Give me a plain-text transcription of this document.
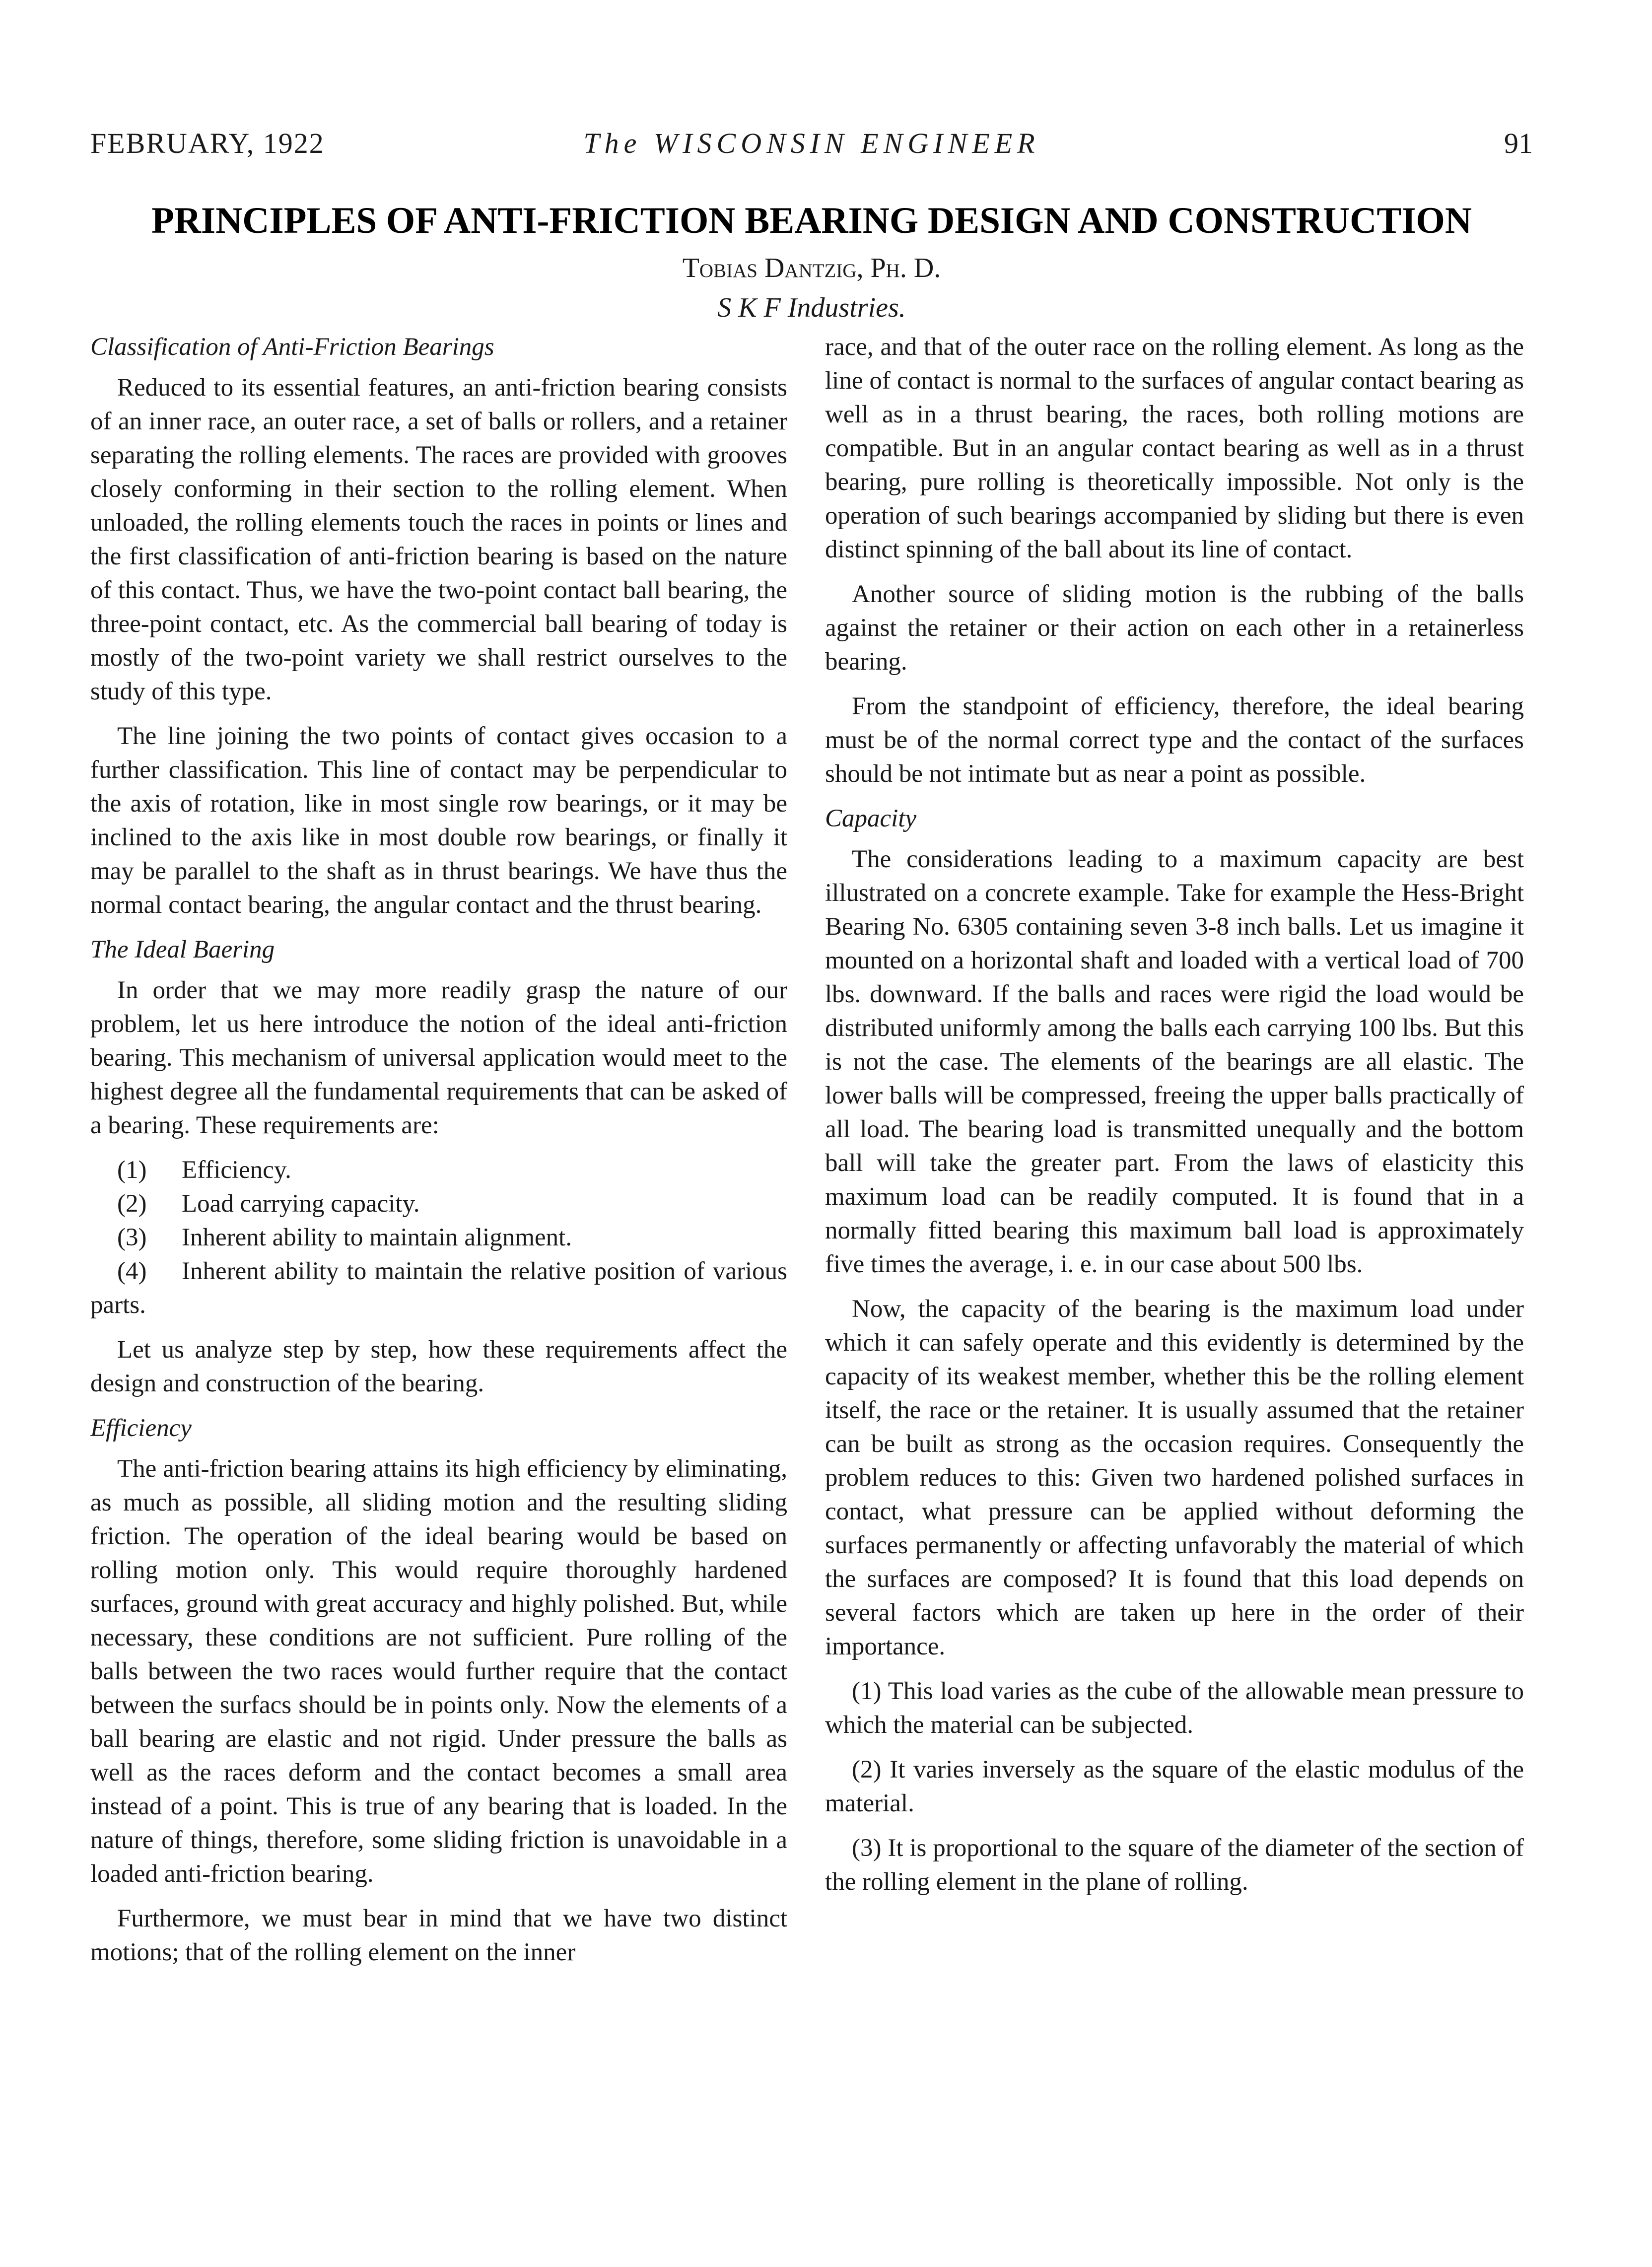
FEBRUARY, 1922	The WISCONSIN ENGINEER	91
PRINCIPLES OF ANTI-FRICTION BEARING DESIGN AND CONSTRUCTION
Tobias Dantzig, Ph. D.
S K F Industries.
Classification of Anti-Friction Bearings

Reduced to its essential features, an anti-friction bearing consists of an inner race, an outer race, a set of balls or rollers, and a retainer separating the rolling elements. The races are provided with grooves closely conforming in their section to the rolling element. When unloaded, the rolling elements touch the races in points or lines and the first classification of anti-friction bearing is based on the nature of this contact. Thus, we have the two-point contact ball bearing, the three-point contact, etc. As the commercial ball bearing of today is mostly of the two-point variety we shall restrict ourselves to the study of this type.

The line joining the two points of contact gives occasion to a further classification. This line of contact may be perpendicular to the axis of rotation, like in most single row bearings, or it may be inclined to the axis like in most double row bearings, or finally it may be parallel to the shaft as in thrust bearings. We have thus the normal contact bearing, the angular contact and the thrust bearing.

The Ideal Baering

In order that we may more readily grasp the nature of our problem, let us here introduce the notion of the ideal anti-friction bearing. This mechanism of universal application would meet to the highest degree all the fundamental requirements that can be asked of a bearing. These requirements are:

(1) Efficiency.
(2) Load carrying capacity.
(3) Inherent ability to maintain alignment.
(4) Inherent ability to maintain the relative position of various parts.

Let us analyze step by step, how these requirements affect the design and construction of the bearing.

Efficiency

The anti-friction bearing attains its high efficiency by eliminating, as much as possible, all sliding motion and the resulting sliding friction. The operation of the ideal bearing would be based on rolling motion only. This would require thoroughly hardened surfaces, ground with great accuracy and highly polished. But, while necessary, these conditions are not sufficient. Pure rolling of the balls between the two races would further require that the contact between the surfacs should be in points only. Now the elements of a ball bearing are elastic and not rigid. Under pressure the balls as well as the races deform and the contact becomes a small area instead of a point. This is true of any bearing that is loaded. In the nature of things, therefore, some sliding friction is unavoidable in a loaded anti-friction bearing.

Furthermore, we must bear in mind that we have two distinct motions; that of the rolling element on the inner

race, and that of the outer race on the rolling element. As long as the line of contact is normal to the surfaces of angular contact bearing as well as in a thrust bearing, the races, both rolling motions are compatible. But in an angular contact bearing as well as in a thrust bearing, pure rolling is theoretically impossible. Not only is the operation of such bearings accompanied by sliding but there is even distinct spinning of the ball about its line of contact.

Another source of sliding motion is the rubbing of the balls against the retainer or their action on each other in a retainerless bearing.

From the standpoint of efficiency, therefore, the ideal bearing must be of the normal correct type and the contact of the surfaces should be not intimate but as near a point as possible.

Capacity

The considerations leading to a maximum capacity are best illustrated on a concrete example. Take for example the Hess-Bright Bearing No. 6305 containing seven 3-8 inch balls. Let us imagine it mounted on a horizontal shaft and loaded with a vertical load of 700 lbs. downward. If the balls and races were rigid the load would be distributed uniformly among the balls each carrying 100 lbs. But this is not the case. The elements of the bearings are all elastic. The lower balls will be compressed, freeing the upper balls practically of all load. The bearing load is transmitted unequally and the bottom ball will take the greater part. From the laws of elasticity this maximum load can be readily computed. It is found that in a normally fitted bearing this maximum ball load is approximately five times the average, i. e. in our case about 500 lbs.

Now, the capacity of the bearing is the maximum load under which it can safely operate and this evidently is determined by the capacity of its weakest member, whether this be the rolling element itself, the race or the retainer. It is usually assumed that the retainer can be built as strong as the occasion requires. Consequently the problem reduces to this: Given two hardened polished surfaces in contact, what pressure can be applied without deforming the surfaces permanently or affecting unfavorably the material of which the surfaces are composed? It is found that this load depends on several factors which are taken up here in the order of their importance.

(1) This load varies as the cube of the allowable mean pressure to which the material can be subjected.

(2) It varies inversely as the square of the elastic modulus of the material.

(3) It is proportional to the square of the diameter of the section of the rolling element in the plane of rolling.
